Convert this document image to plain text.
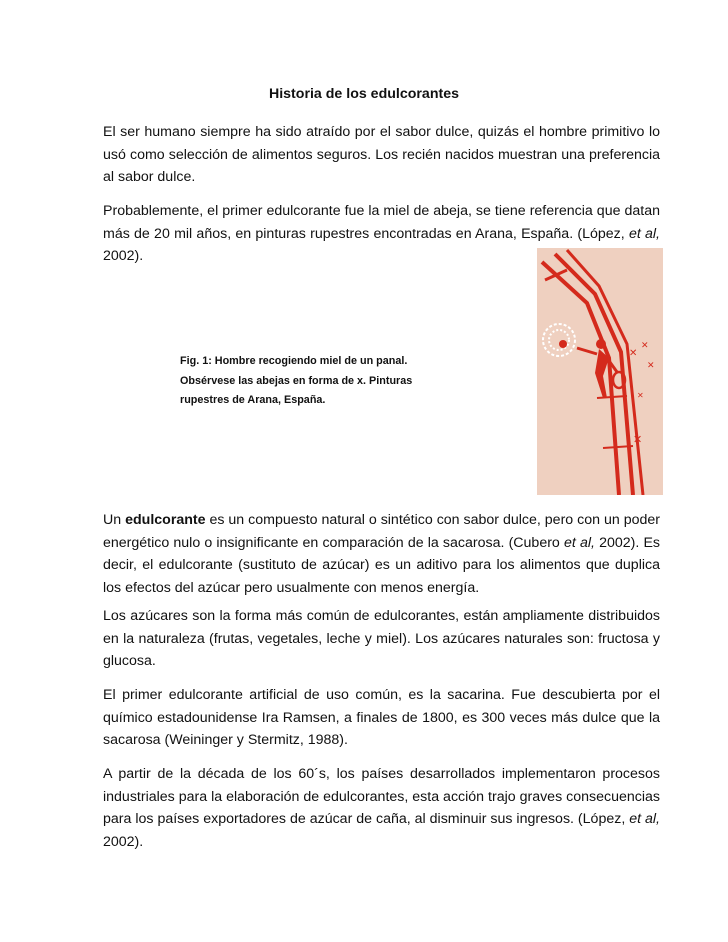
Historia de los edulcorantes

El ser humano siempre ha sido atraído por el sabor dulce, quizás el hombre primitivo lo usó como selección de alimentos seguros. Los recién nacidos muestran una preferencia al sabor dulce.

Probablemente, el primer edulcorante fue la miel de abeja, se tiene referencia que datan más de 20 mil años, en pinturas rupestres encontradas en Arana, España. (López, et al, 2002).

Fig. 1: Hombre recogiendo miel de un panal.
Obsérvese las abejas en forma de x. Pinturas
rupestres de Arana, España.
✕
✕
✕
✕
✕

Un edulcorante es un compuesto natural o sintético con sabor dulce, pero con un poder energético nulo o insignificante en comparación de la sacarosa. (Cubero et al, 2002). Es decir, el edulcorante (sustituto de azúcar) es un aditivo para los alimentos que duplica los efectos del azúcar pero usualmente con menos energía.

Los azúcares son la forma más común de edulcorantes, están ampliamente distribuidos en la naturaleza (frutas, vegetales, leche y miel). Los azúcares naturales son: fructosa y glucosa.

El primer edulcorante artificial de uso común, es la sacarina. Fue descubierta por el químico estadounidense Ira Ramsen, a finales de 1800, es 300 veces más dulce que la sacarosa (Weininger y Stermitz, 1988).

A partir de la década de los 60´s, los países desarrollados implementaron procesos industriales para la elaboración de edulcorantes, esta acción trajo graves consecuencias para los países exportadores de azúcar de caña, al disminuir sus ingresos. (López, et al, 2002).
